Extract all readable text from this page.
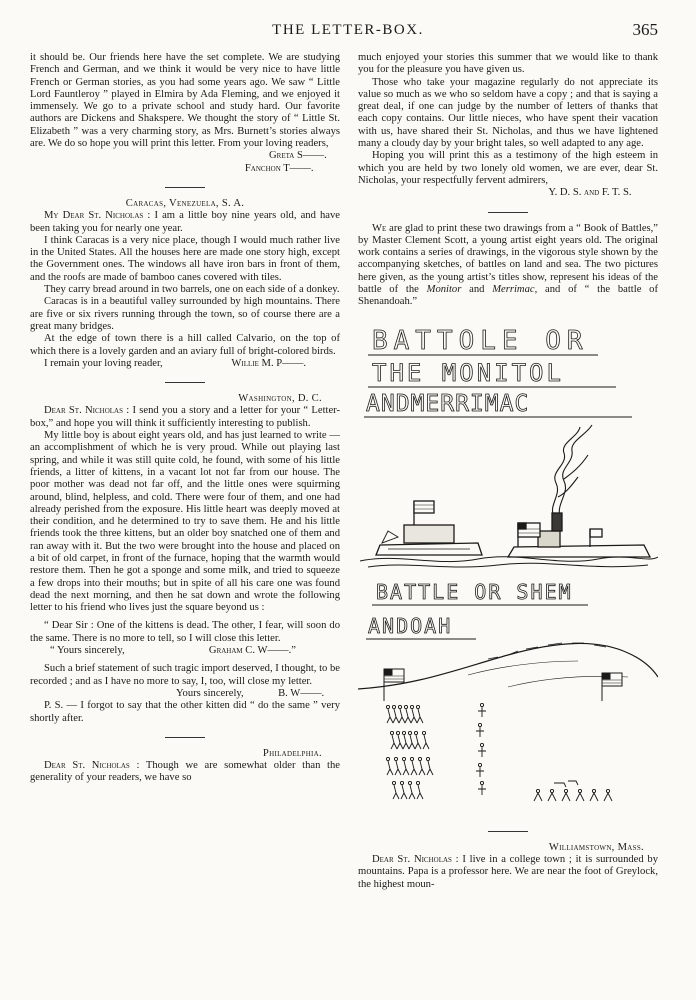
THE LETTER-BOX.	365

it should be. Our friends here have the set complete. We are studying French and German, and we think it would be very nice to have little French or German stories, as you had some years ago. We saw “ Little Lord Fauntleroy ” played in Elmira by Ada Fleming, and we enjoyed it immensely. We go to a private school and study hard. Our favorite authors are Dickens and Shakspere. We thought the story of “ Little St. Elizabeth ” was a very charming story, as Mrs. Burnett’s stories always are. We do so hope you will print this letter. From your loving readers,

Greta S——.

Fanchon T——.

Caracas, Venezuela, S. A.

My Dear St. Nicholas : I am a little boy nine years old, and have been taking you for nearly one year.

I think Caracas is a very nice place, though I would much rather live in the United States. All the houses here are made one story high, except the Government ones. The windows all have iron bars in front of them, and the roofs are made of bamboo canes covered with tiles.

They carry bread around in two barrels, one on each side of a donkey.

Caracas is in a beautiful valley surrounded by high mountains. There are five or six rivers running through the town, so of course there are a great many bridges.

At the edge of town there is a hill called Calvario, on the top of which there is a lovely garden and an aviary full of bright-colored birds.

I remain your loving reader,	Willie M. P——.

Washington, D. C.

Dear St. Nicholas : I send you a story and a letter for your “ Letter-box,” and hope you will think it sufficiently interesting to publish.

My little boy is about eight years old, and has just learned to write — an accomplishment of which he is very proud. While out playing last spring, and while it was still quite cold, he found, with some of his little friends, a litter of kittens, in a vacant lot not far from our house. The poor mother was dead not far off, and the little ones were squirming around, blind, helpless, and cold. There were four of them, and one had already perished from the exposure. His little heart was deeply moved at their condition, and he determined to try to save them. He and his little friends took the three kittens, but an older boy snatched one of them and ran away with it. But the two were brought into the house and placed on a bit of old carpet, in front of the furnace, hoping that the warmth would restore them. Then he got a sponge and some milk, and tried to squeeze a few drops into their mouths; but in spite of all his care one was found dead the next morning, and then he sat down and wrote the following letter to his friend who lives just the square beyond us :

“ Dear Sir : One of the kittens is dead. The other, I fear, will soon do the same. There is no more to tell, so I will close this letter.

“ Yours sincerely,	Graham C. W——.”

Such a brief statement of such tragic import deserved, I thought, to be recorded ; and as I have no more to say, I, too, will close my letter.

Yours sincerely,	B. W——.

P. S. — I forgot to say that the other kitten did “ do the same ” very shortly after.

Philadelphia.

Dear St. Nicholas : Though we are somewhat older than the generality of your readers, we have so

much enjoyed your stories this summer that we would like to thank you for the pleasure you have given us.

Those who take your magazine regularly do not appreciate its value so much as we who so seldom have a copy ; and that is saying a great deal, if one can judge by the number of letters of thanks that each copy contains. Our little nieces, who have spent their vacation with us, have shared their St. Nicholas, and thus we have lightened many a cloudy day by your bright tales, so well adapted to any age.

Hoping you will print this as a testimony of the high esteem in which you are held by two lonely old women, we are ever, dear St. Nicholas, your respectfully fervent admirers,

Y. D. S. and F. T. S.

We are glad to print these two drawings from a “ Book of Battles,” by Master Clement Scott, a young artist eight years old. The original work contains a series of drawings, in the vigorous style shown by the accompanying sketches, of battles on land and sea. The two pictures here given, as the young artist’s titles show, represent his ideas of the battle of the Monitor and Merrimac, and of “ the battle of Shenandoah.”

BATTOLE OR
THE MONITOL
ANDMERRIMAC
BATTLE OR SHEM
ANDOAH

Williamstown, Mass.

Dear St. Nicholas : I live in a college town ; it is surrounded by mountains. Papa is a professor here. We are near the foot of Greylock, the highest moun-
